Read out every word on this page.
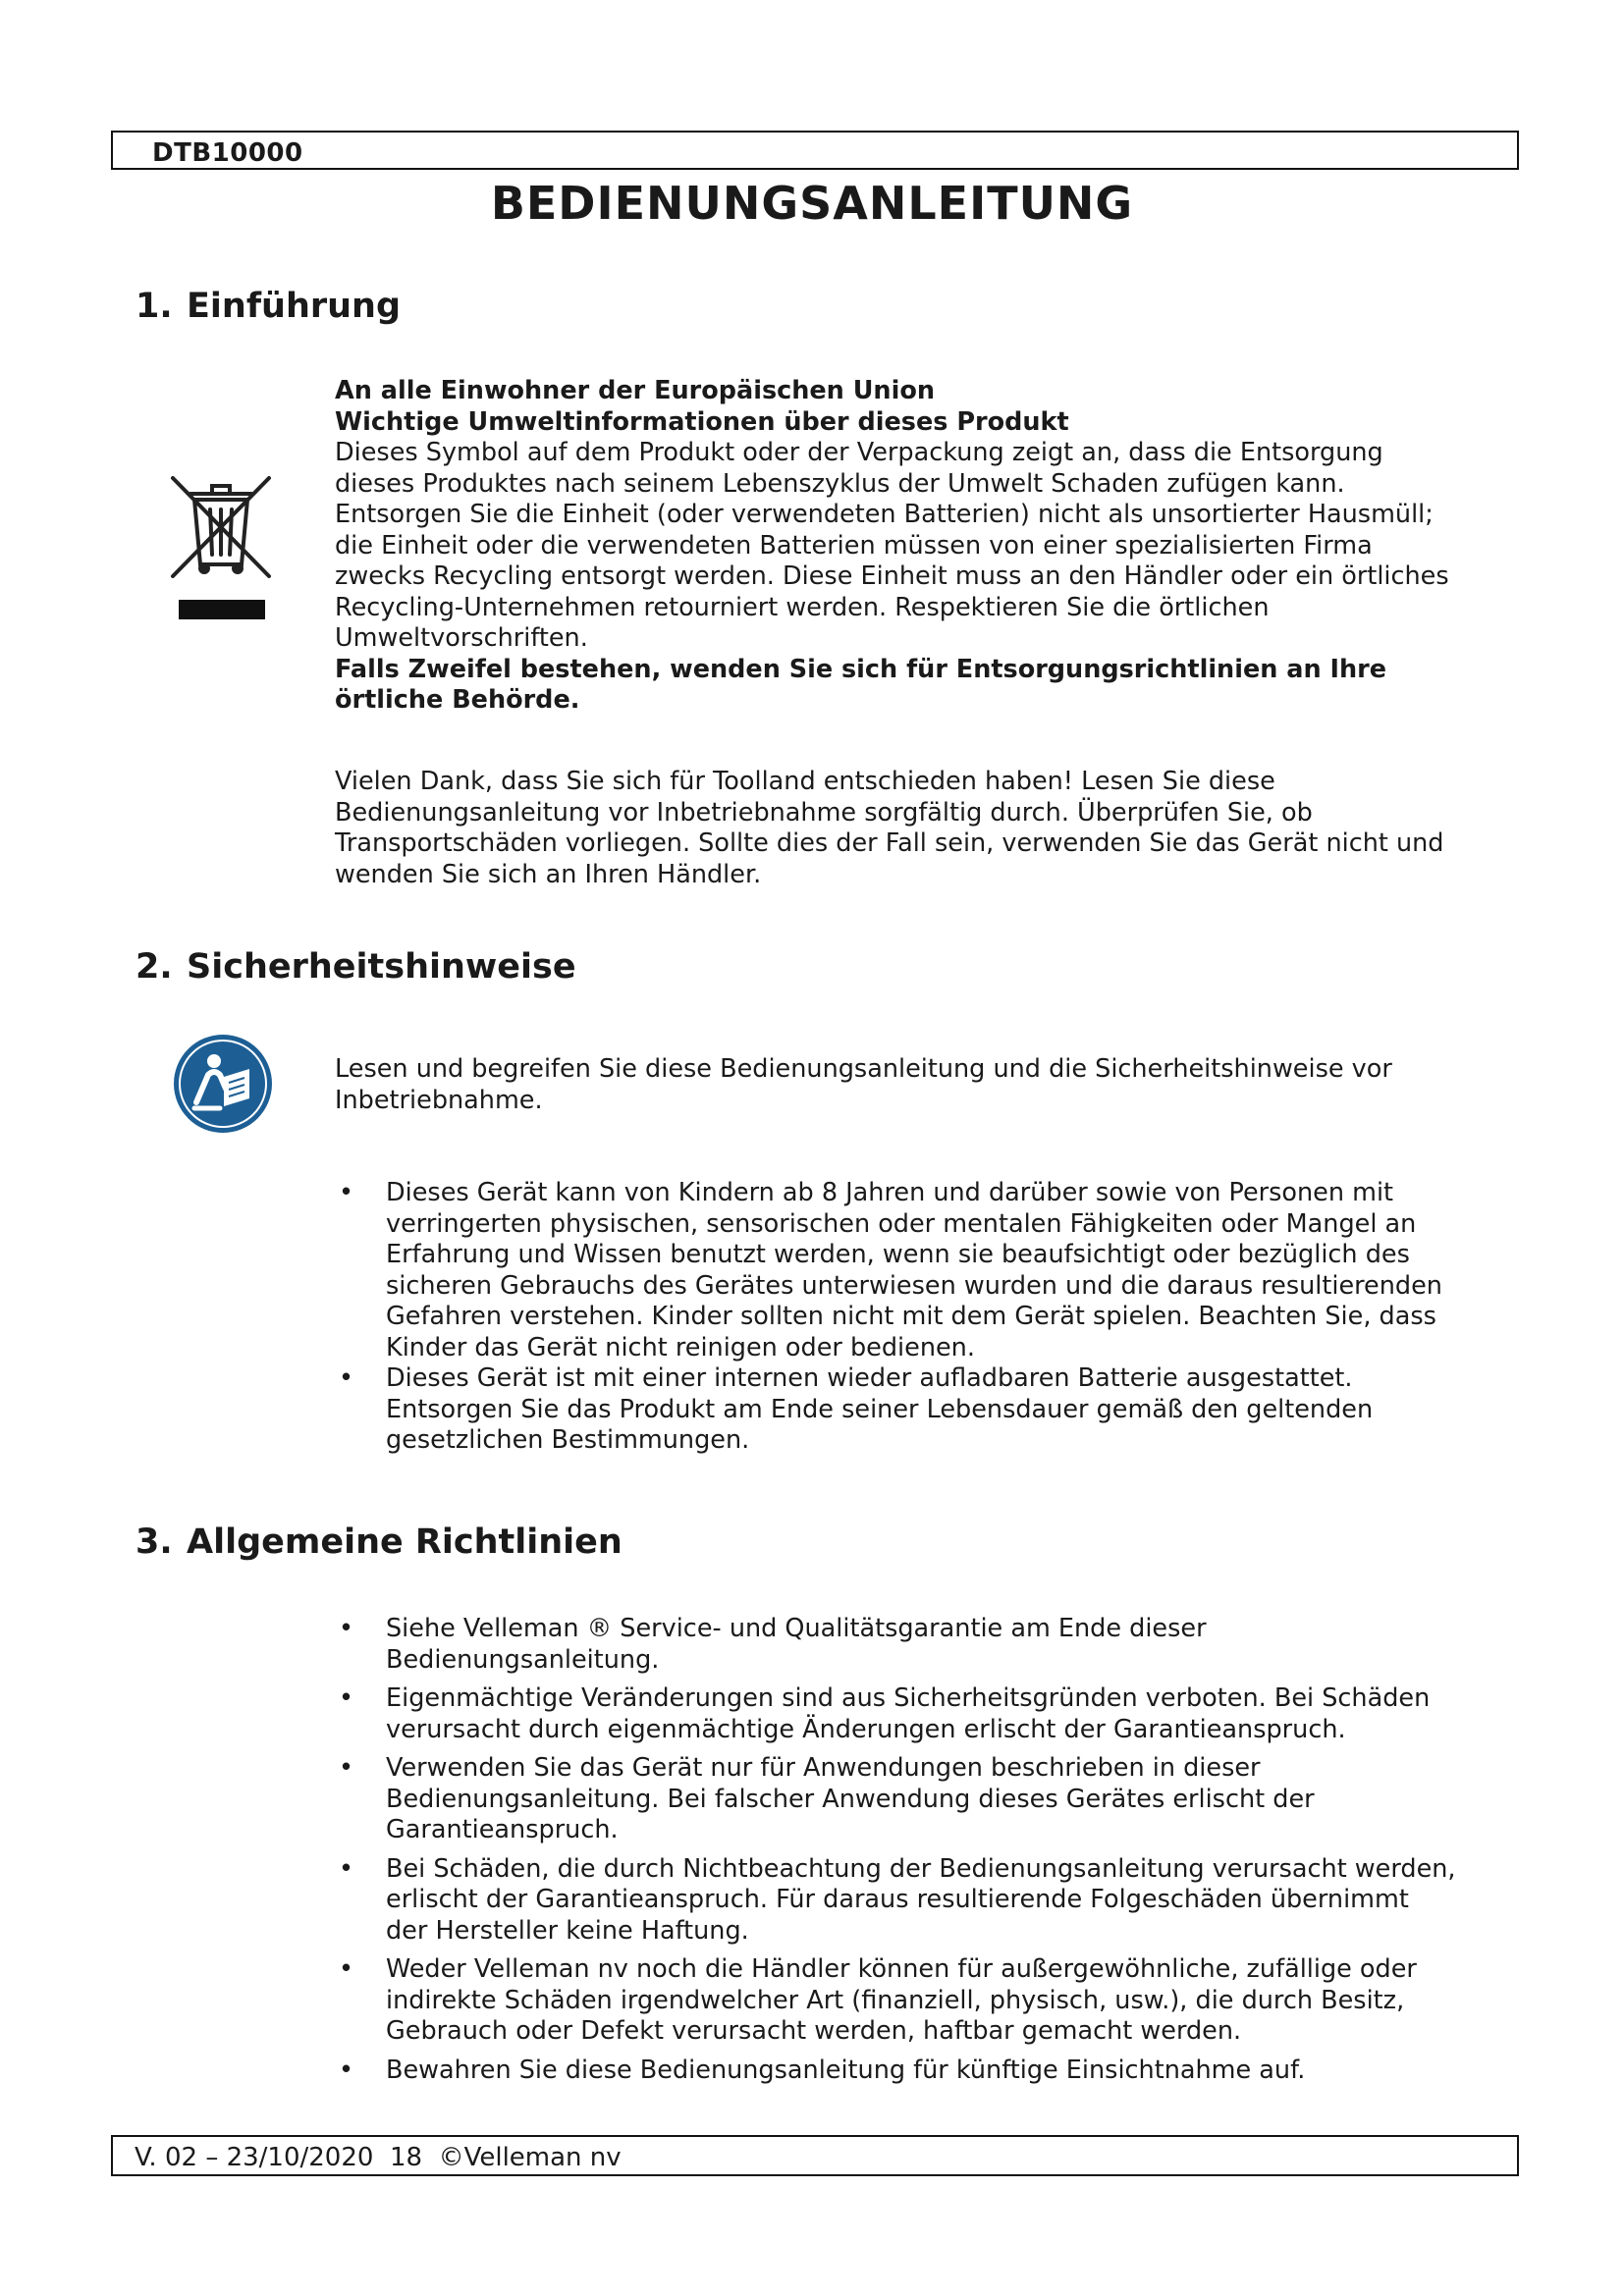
DTB10000
BEDIENUNGSANLEITUNG
1. Einführung

An alle Einwohner der Europäischen Union

Wichtige Umweltinformationen über dieses Produkt

Dieses Symbol auf dem Produkt oder der Verpackung zeigt an, dass die Entsorgung

dieses Produktes nach seinem Lebenszyklus der Umwelt Schaden zufügen kann.

Entsorgen Sie die Einheit (oder verwendeten Batterien) nicht als unsortierter Hausmüll;

die Einheit oder die verwendeten Batterien müssen von einer spezialisierten Firma

zwecks Recycling entsorgt werden. Diese Einheit muss an den Händler oder ein örtliches

Recycling-Unternehmen retourniert werden. Respektieren Sie die örtlichen

Umweltvorschriften.

Falls Zweifel bestehen, wenden Sie sich für Entsorgungsrichtlinien an Ihre

örtliche Behörde.

Vielen Dank, dass Sie sich für Toolland entschieden haben! Lesen Sie diese

Bedienungsanleitung vor Inbetriebnahme sorgfältig durch. Überprüfen Sie, ob

Transportschäden vorliegen. Sollte dies der Fall sein, verwenden Sie das Gerät nicht und

wenden Sie sich an Ihren Händler.

2. Sicherheitshinweise

Lesen und begreifen Sie diese Bedienungsanleitung und die Sicherheitshinweise vor

Inbetriebnahme.

• Dieses Gerät kann von Kindern ab 8 Jahren und darüber sowie von Personen mit

verringerten physischen, sensorischen oder mentalen Fähigkeiten oder Mangel an

Erfahrung und Wissen benutzt werden, wenn sie beaufsichtigt oder bezüglich des

sicheren Gebrauchs des Gerätes unterwiesen wurden und die daraus resultierenden

Gefahren verstehen. Kinder sollten nicht mit dem Gerät spielen. Beachten Sie, dass

Kinder das Gerät nicht reinigen oder bedienen.

• Dieses Gerät ist mit einer internen wieder aufladbaren Batterie ausgestattet.

Entsorgen Sie das Produkt am Ende seiner Lebensdauer gemäß den geltenden

gesetzlichen Bestimmungen.

3. Allgemeine Richtlinien

• Siehe Velleman ® Service- und Qualitätsgarantie am Ende dieser

Bedienungsanleitung.

• Eigenmächtige Veränderungen sind aus Sicherheitsgründen verboten. Bei Schäden

verursacht durch eigenmächtige Änderungen erlischt der Garantieanspruch.

• Verwenden Sie das Gerät nur für Anwendungen beschrieben in dieser

Bedienungsanleitung. Bei falscher Anwendung dieses Gerätes erlischt der

Garantieanspruch.

• Bei Schäden, die durch Nichtbeachtung der Bedienungsanleitung verursacht werden,

erlischt der Garantieanspruch. Für daraus resultierende Folgeschäden übernimmt

der Hersteller keine Haftung.

• Weder Velleman nv noch die Händler können für außergewöhnliche, zufällige oder

indirekte Schäden irgendwelcher Art (finanziell, physisch, usw.), die durch Besitz,

Gebrauch oder Defekt verursacht werden, haftbar gemacht werden.

• Bewahren Sie diese Bedienungsanleitung für künftige Einsichtnahme auf.

V. 02 – 23/10/2020  18  ©Velleman nv
